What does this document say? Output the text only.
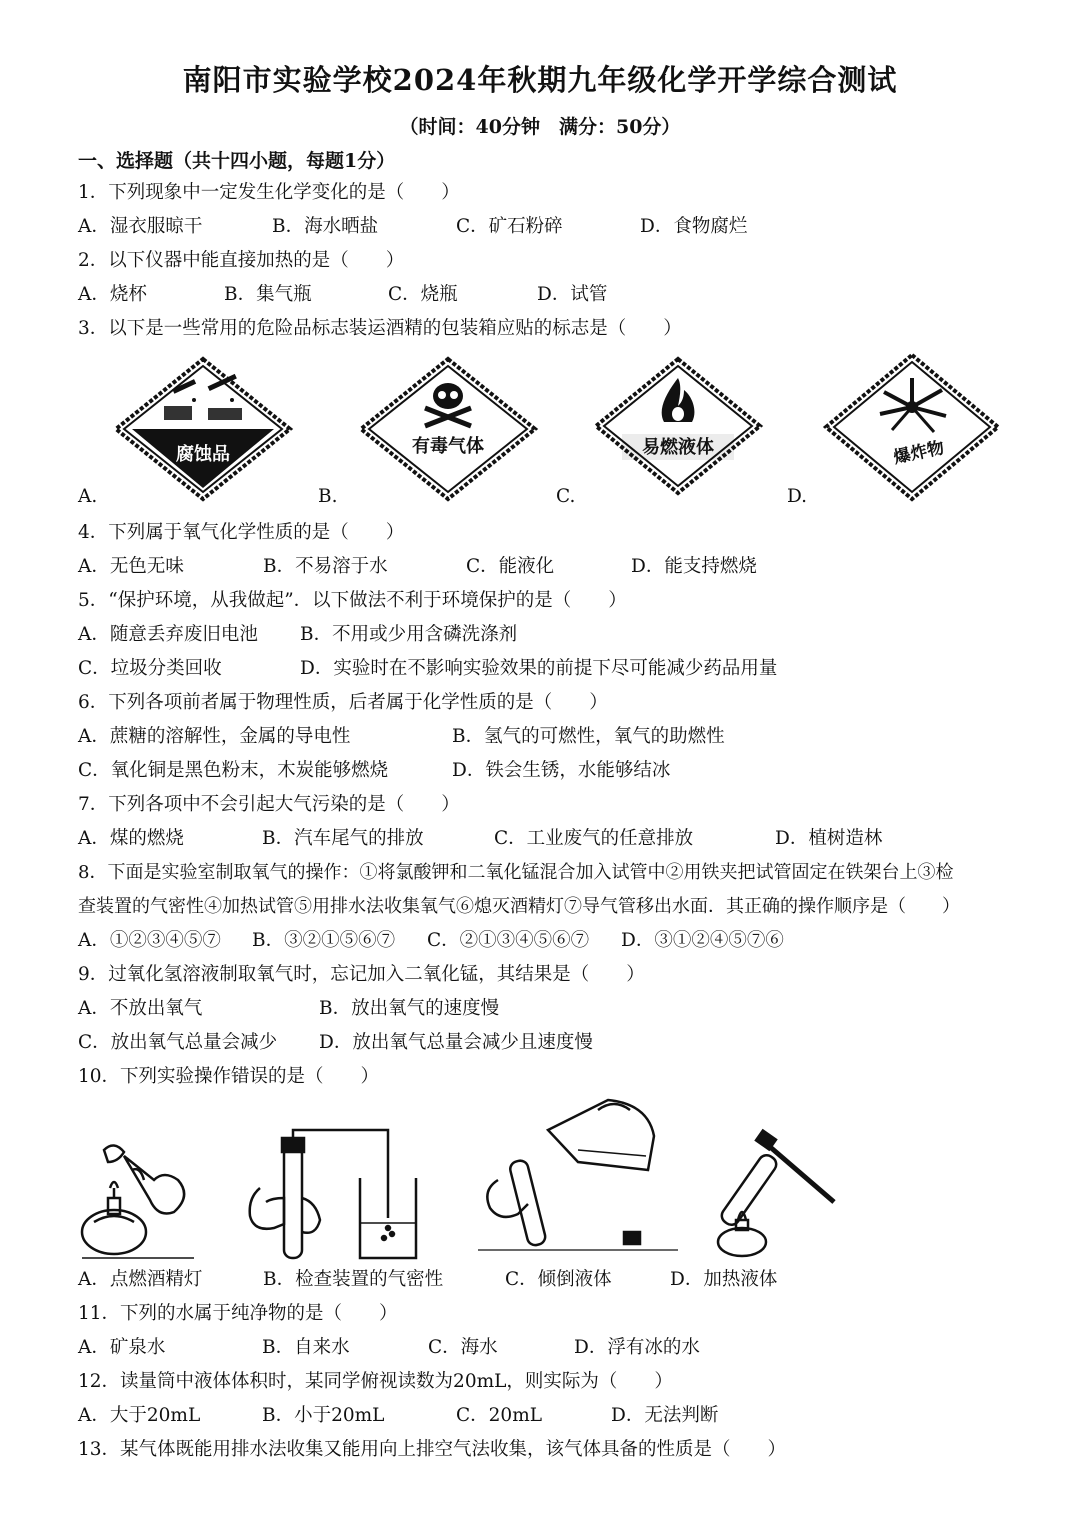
南阳市实验学校2024年秋期九年级化学开学综合测试
（时间：40分钟　满分：50分）
一、选择题（共十四小题，每题1分）
1．下列现象中一定发生化学变化的是（　　）
A．湿衣服晾干	B．海水晒盐	C．矿石粉碎	D．食物腐烂
2．以下仪器中能直接加热的是（　　）
A．烧杯	B．集气瓶	C．烧瓶	D．试管
3．以下是一些常用的危险品标志装运酒精的包装箱应贴的标志是（　　）
腐蚀品	有毒气体	易燃液体	爆炸物
A.	B.	C.	D.
4．下列属于氧气化学性质的是（　　）
A．无色无味	B．不易溶于水	C．能液化	D．能支持燃烧
5．“保护环境，从我做起”．以下做法不利于环境保护的是（　　）
A．随意丢弃废旧电池 B．不用或少用含磷洗涤剂
C．垃圾分类回收	D．实验时在不影响实验效果的前提下尽可能减少药品用量
6．下列各项前者属于物理性质，后者属于化学性质的是（　　）
A．蔗糖的溶解性，金属的导电性	B．氢气的可燃性，氧气的助燃性
C．氧化铜是黑色粉末，木炭能够燃烧	D．铁会生锈，水能够结冰
7．下列各项中不会引起大气污染的是（　　）
A．煤的燃烧	B．汽车尾气的排放	C．工业废气的任意排放	D．植树造林
8．下面是实验室制取氧气的操作：①将氯酸钾和二氧化锰混合加入试管中②用铁夹把试管固定在铁架台上③检
查装置的气密性④加热试管⑤用排水法收集氧气⑥熄灭酒精灯⑦导气管移出水面．其正确的操作顺序是（　　）
A．①②③④⑤⑦ B．③②①⑤⑥⑦ C．②①③④⑤⑥⑦ D．③①②④⑤⑦⑥
9．过氧化氢溶液制取氧气时，忘记加入二氧化锰，其结果是（　　）
A．不放出氧气	B．放出氧气的速度慢
C．放出氧气总量会减少 D．放出氧气总量会减少且速度慢
10．下列实验操作错误的是（　　）
A．点燃酒精灯	B．检查装置的气密性	C．倾倒液体	D．加热液体
11．下列的水属于纯净物的是（　　）
A．矿泉水	B．自来水	C．海水	D．浮有冰的水
12．读量筒中液体体积时，某同学俯视读数为20mL，则实际为（　　）
A．大于20mL	B．小于20mL	C．20mL	D．无法判断
13．某气体既能用排水法收集又能用向上排空气法收集，该气体具备的性质是（　　）
